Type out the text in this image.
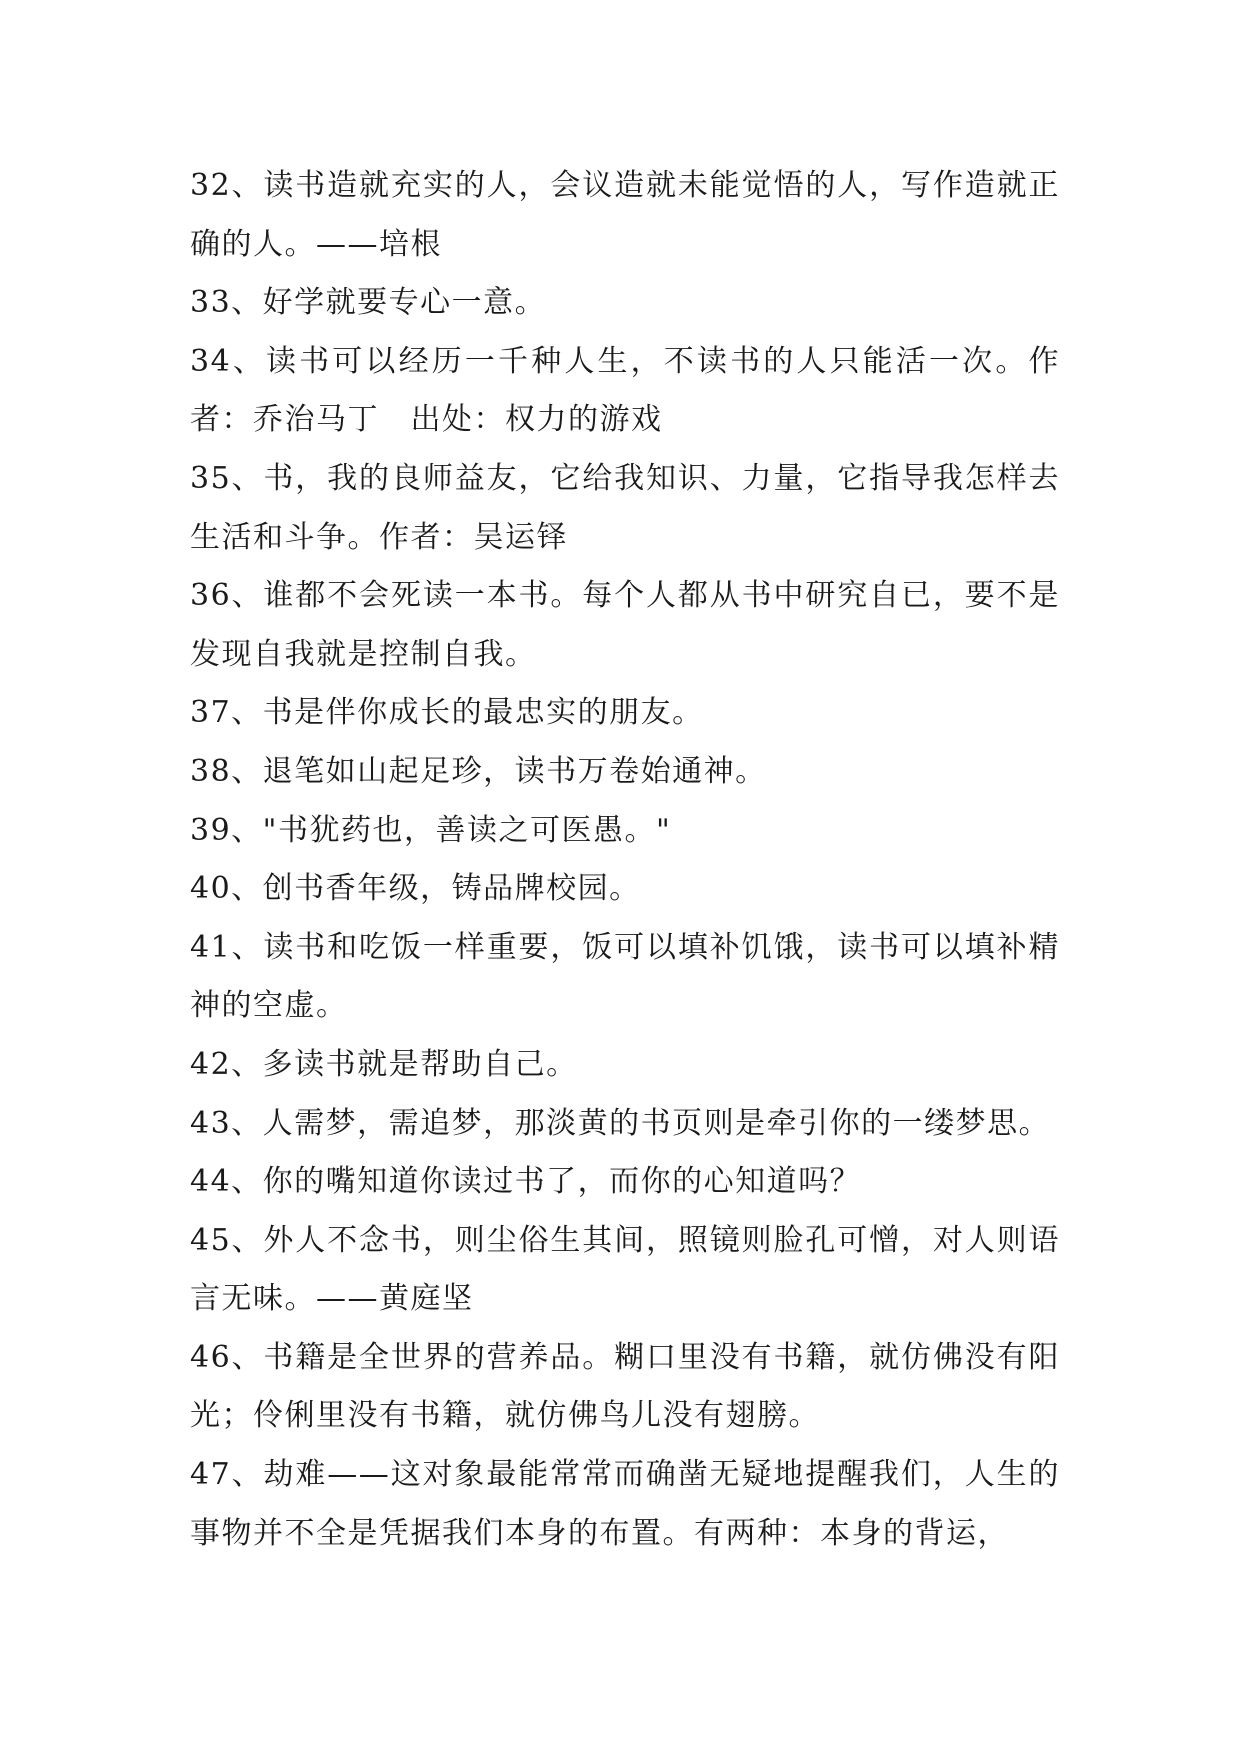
32、读书造就充实的人，会议造就未能觉悟的人，写作造就正确的人。——培根

33、好学就要专心一意。

34、读书可以经历一千种人生，不读书的人只能活一次。作者：乔治马丁　出处：权力的游戏

35、书，我的良师益友，它给我知识、力量，它指导我怎样去生活和斗争。作者：吴运铎

36、谁都不会死读一本书。每个人都从书中研究自已，要不是发现自我就是控制自我。

37、书是伴你成长的最忠实的朋友。

38、退笔如山起足珍，读书万卷始通神。

39、"书犹药也，善读之可医愚。"

40、创书香年级，铸品牌校园。

41、读书和吃饭一样重要，饭可以填补饥饿，读书可以填补精神的空虚。

42、多读书就是帮助自己。

43、人需梦，需追梦，那淡黄的书页则是牵引你的一缕梦思。

44、你的嘴知道你读过书了，而你的心知道吗？

45、外人不念书，则尘俗生其间，照镜则脸孔可憎，对人则语言无味。——黄庭坚

46、书籍是全世界的营养品。糊口里没有书籍，就仿佛没有阳光；伶俐里没有书籍，就仿佛鸟儿没有翅膀。

47、劫难——这对象最能常常而确凿无疑地提醒我们，人生的事物并不全是凭据我们本身的布置。有两种：本身的背运，
